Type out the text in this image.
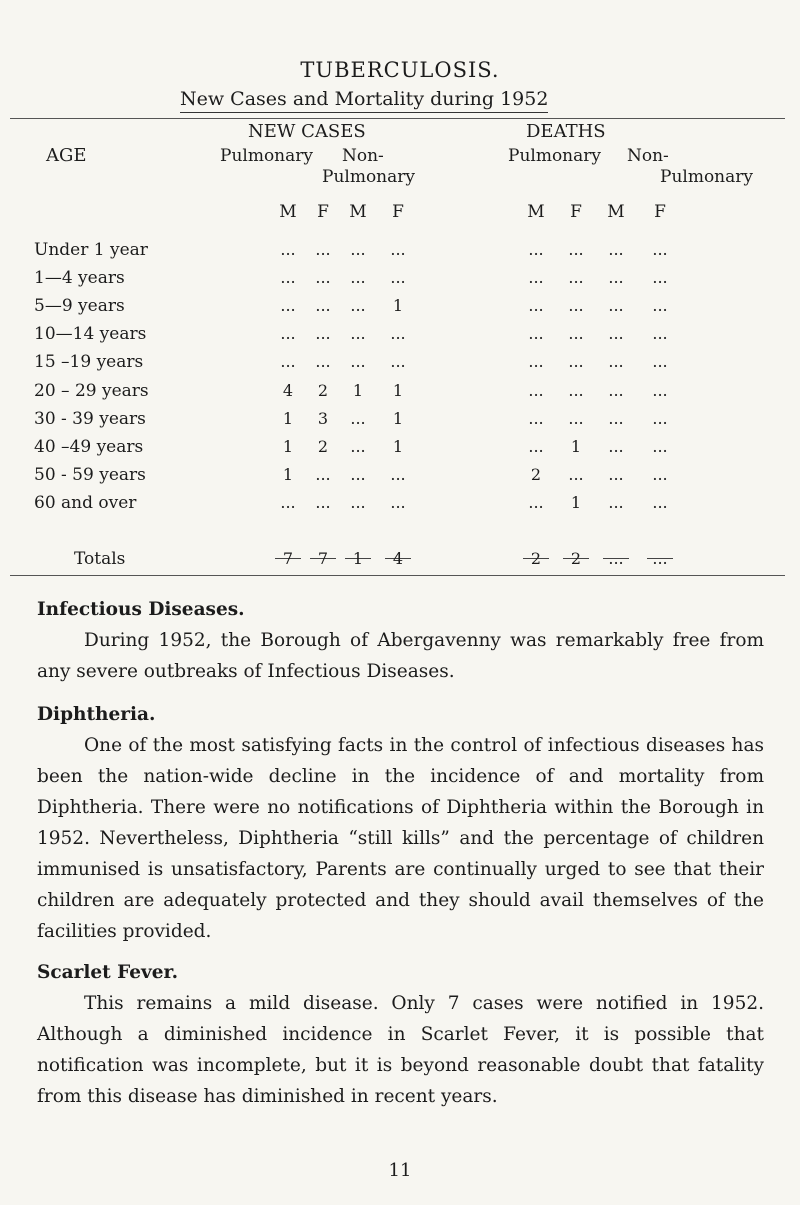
TUBERCULOSIS.
New Cases and Mortality during 1952
AGE
NEW CASES
Pulmonary Non-
Pulmonary
DEATHS
Pulmonary Non-
Pulmonary
M	F	M	F	M	F	M	F
Under 1 year	...	...	...	...	...	...	...	...
1—4 years	...	...	...	...	...	...	...	...
5—9 years	...	...	...	1	...	...	...	...
10—14 years	...	...	...	...	...	...	...	...
15 –19 years	...	...	...	...	...	...	...	...
20 – 29 years	4	2	1	1	...	...	...	...
30 - 39 years	1	3	...	1	...	...	...	...
40 –49 years	1	2	...	1	...	1	...	...
50 - 59 years	1	...	...	...	2	...	...	...
60 and over	...	...	...	...	...	1	...	...
Totals	7	7	1	4	2	2	...	...
Infectious Diseases.
During 1952, the Borough of Abergavenny was remarkably free from any severe outbreaks of Infectious Diseases.
Diphtheria.
One of the most satisfying facts in the control of infectious diseases has been the nation-wide decline in the incidence of and mortality from Diphtheria. There were no notifications of Diphtheria within the Borough in 1952. Nevertheless, Diphtheria “still kills” and the percentage of children immunised is unsatisfactory, Parents are continually urged to see that their children are adequately protected and they should avail themselves of the facilities provided.
Scarlet Fever.
This remains a mild disease. Only 7 cases were notified in 1952. Although a diminished incidence in Scarlet Fever, it is possible that notification was incomplete, but it is beyond reasonable doubt that fatality from this disease has diminished in recent years.
11
